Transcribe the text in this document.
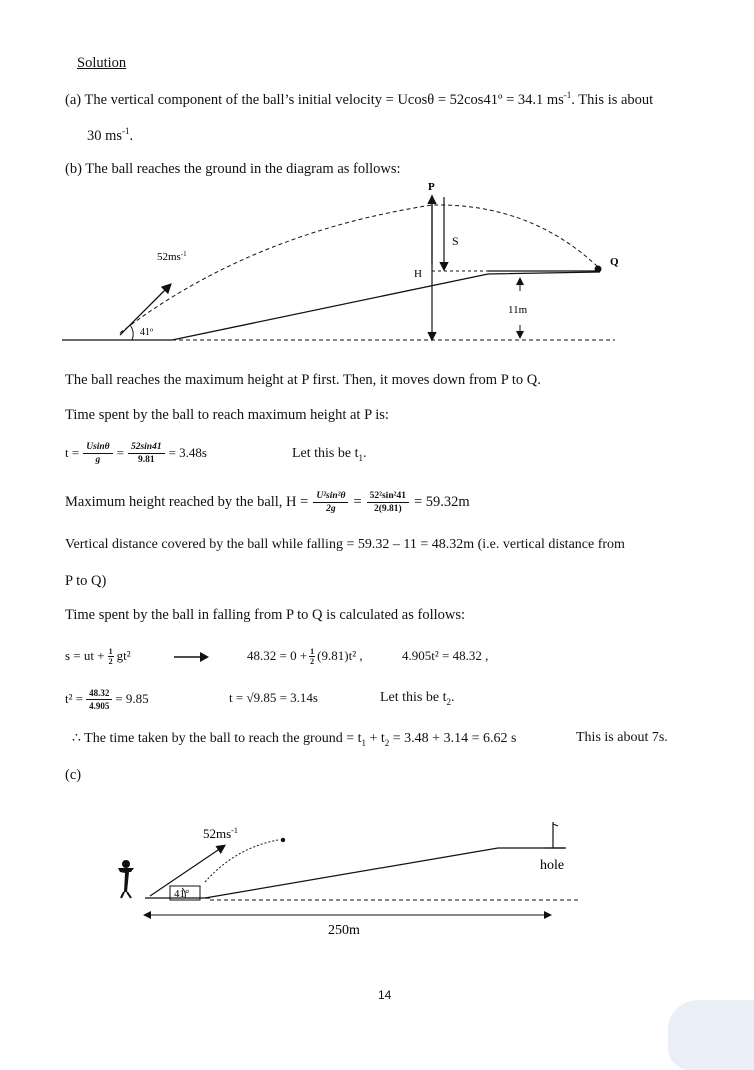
Solution
(a) The vertical component of the ball’s initial velocity = Ucosθ = 52cos41º = 34.1 $ms^{-1}$. This is about
30 $ms^{-1}$.
(b) The ball reaches the ground in the diagram as follows:
P
Q
H
S
11m
41º
$52ms^{-1}$
The ball reaches the maximum height at P first. Then, it moves down from P to Q.
Time spent by the ball to reach maximum height at P is:
$t = \frac{Usin\theta}{g} = \frac{52\sin 41}{9.81} = 3.48s$	Let this be $t_1$.
Maximum height reached by the ball, $H = \frac{\text{U²sin²θ}}{2g} = \frac{\text{52²sin²41}}{2(9.81)} = 59.32m$
Vertical distance covered by the ball while falling = 59.32 – 11 = 48.32m (i.e. vertical distance from
P to Q)
Time spent by the ball in falling from P to Q is calculated as follows:
s = ut + $\frac{1}{2} gt^2$	$48.32 = 0 + \frac{1}{2} (9.81)t^2$ ,	4.905t² = 48.32 ,
$t^2 = \frac{48.32}{4.905} = 9.85$	t = √9.85 = 3.14s	Let this be $t_2$.
∴ The time taken by the ball to reach the ground = $t_1 + t_2 = 3.48 + 3.14 = 6.62$ s	This is about 7s.
(c)
$52ms^{-1}$
41°
hole
250m
14
